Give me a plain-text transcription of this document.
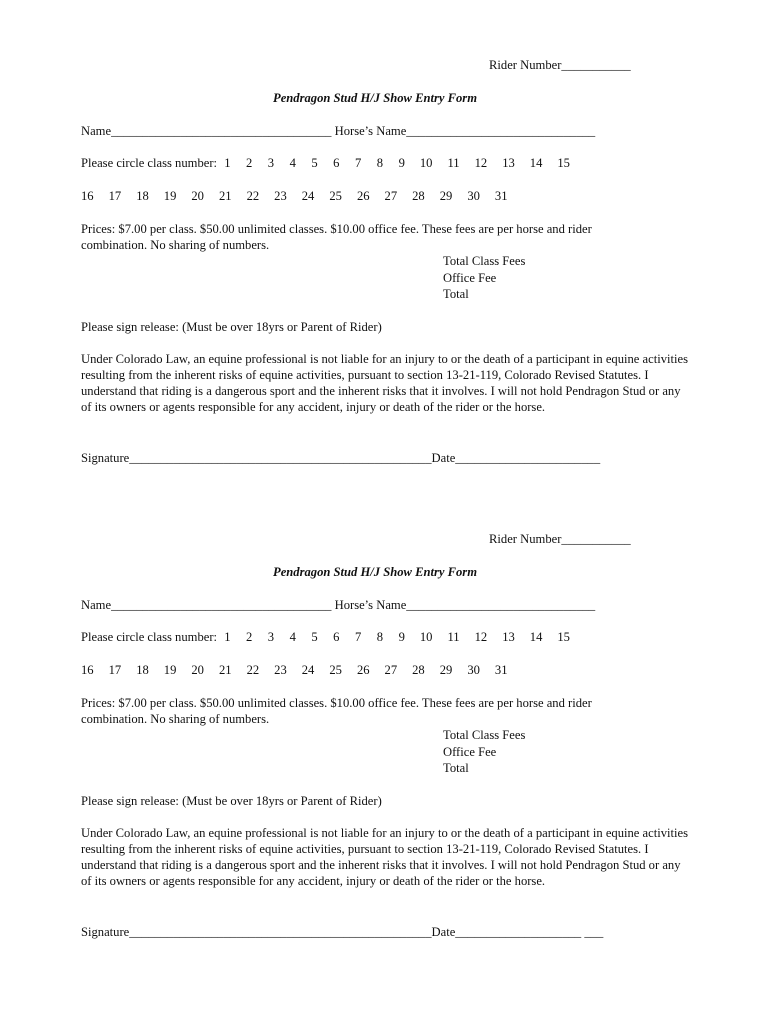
Rider Number___________
Pendragon Stud H/J Show Entry Form
Name___________________________________ Horse’s Name______________________________
Please circle class number: 1 2 3 4 5 6 7 8 9 10 11 12 13 14 15
16 17 18 19 20 21 22 23 24 25 26 27 28 29 30 31
Prices: $7.00 per class. $50.00 unlimited classes. $10.00 office fee. These fees are per horse and rider combination. No sharing of numbers.
Total Class Fees
Office Fee
Total
Please sign release: (Must be over 18yrs or Parent of Rider)
Under Colorado Law, an equine professional is not liable for an injury to or the death of a participant in equine activities resulting from the inherent risks of equine activities, pursuant to section 13-21-119, Colorado Revised Statutes. I understand that riding is a dangerous sport and the inherent risks that it involves. I will not hold Pendragon Stud or any of its owners or agents responsible for any accident, injury or death of the rider or the horse.
Signature________________________________________________Date_______________________
Rider Number___________
Pendragon Stud H/J Show Entry Form
Name___________________________________ Horse’s Name______________________________
Please circle class number: 1 2 3 4 5 6 7 8 9 10 11 12 13 14 15
16 17 18 19 20 21 22 23 24 25 26 27 28 29 30 31
Prices: $7.00 per class. $50.00 unlimited classes. $10.00 office fee. These fees are per horse and rider combination. No sharing of numbers.
Total Class Fees
Office Fee
Total
Please sign release: (Must be over 18yrs or Parent of Rider)
Under Colorado Law, an equine professional is not liable for an injury to or the death of a participant in equine activities resulting from the inherent risks of equine activities, pursuant to section 13-21-119, Colorado Revised Statutes. I understand that riding is a dangerous sport and the inherent risks that it involves. I will not hold Pendragon Stud or any of its owners or agents responsible for any accident, injury or death of the rider or the horse.
Signature________________________________________________Date____________________ ___
